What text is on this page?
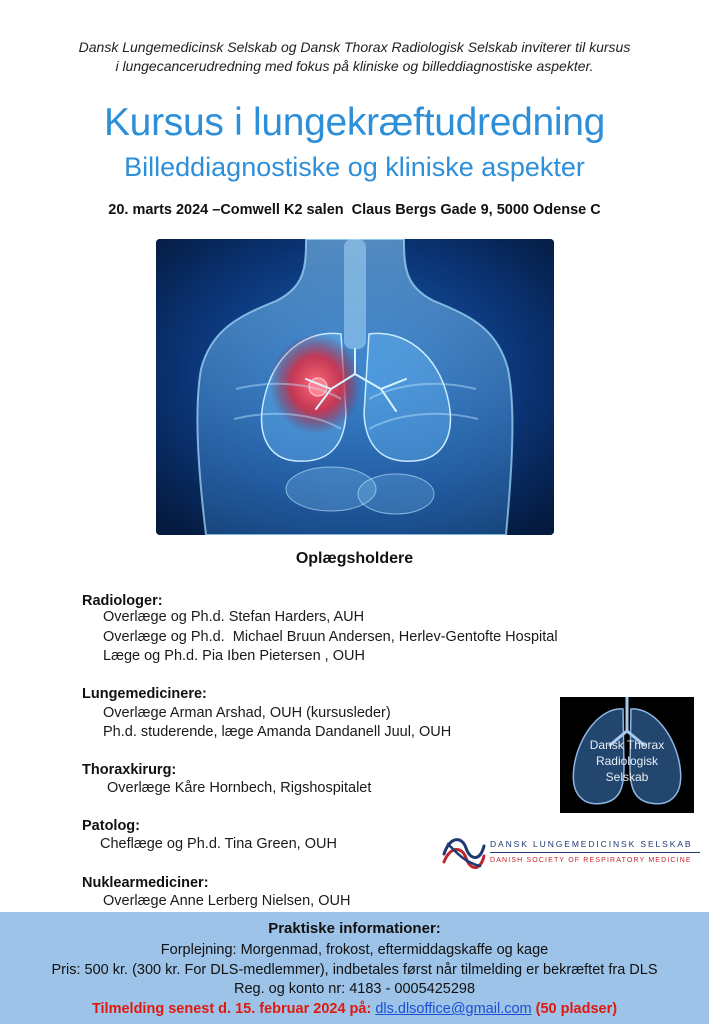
Dansk Lungemedicinsk Selskab og Dansk Thorax Radiologisk Selskab inviterer til kursus
i lungecancerudredning med fokus på kliniske og billeddiagnostiske aspekter.
Kursus i lungekræftudredning
Billeddiagnostiske og kliniske aspekter
20. marts 2024 –Comwell K2 salen  Claus Bergs Gade 9, 5000 Odense C
Oplægsholdere
Radiologer:
Overlæge og Ph.d. Stefan Harders, AUH
Overlæge og Ph.d.  Michael Bruun Andersen, Herlev-Gentofte Hospital
Læge og Ph.d. Pia Iben Pietersen , OUH
Lungemedicinere:
Overlæge Arman Arshad, OUH (kursusleder)
Ph.d. studerende, læge Amanda Dandanell Juul, OUH
Thoraxkirurg:
Overlæge Kåre Hornbech, Rigshospitalet
Patolog:
Cheflæge og Ph.d. Tina Green, OUH
Nuklearmediciner:
Overlæge Anne Lerberg Nielsen, OUH
Dansk Thorax
Radiologisk
Selskab
DANSK LUNGEMEDICINSK SELSKAB
DANISH SOCIETY OF RESPIRATORY MEDICINE
Praktiske informationer:
Forplejning: Morgenmad, frokost, eftermiddagskaffe og kage
Pris: 500 kr. (300 kr. For DLS-medlemmer), indbetales først når tilmelding er bekræftet fra DLS
Reg. og konto nr: 4183 - 0005425298
Tilmelding senest d. 15. februar 2024 på: dls.dlsoffice@gmail.com (50 pladser)
